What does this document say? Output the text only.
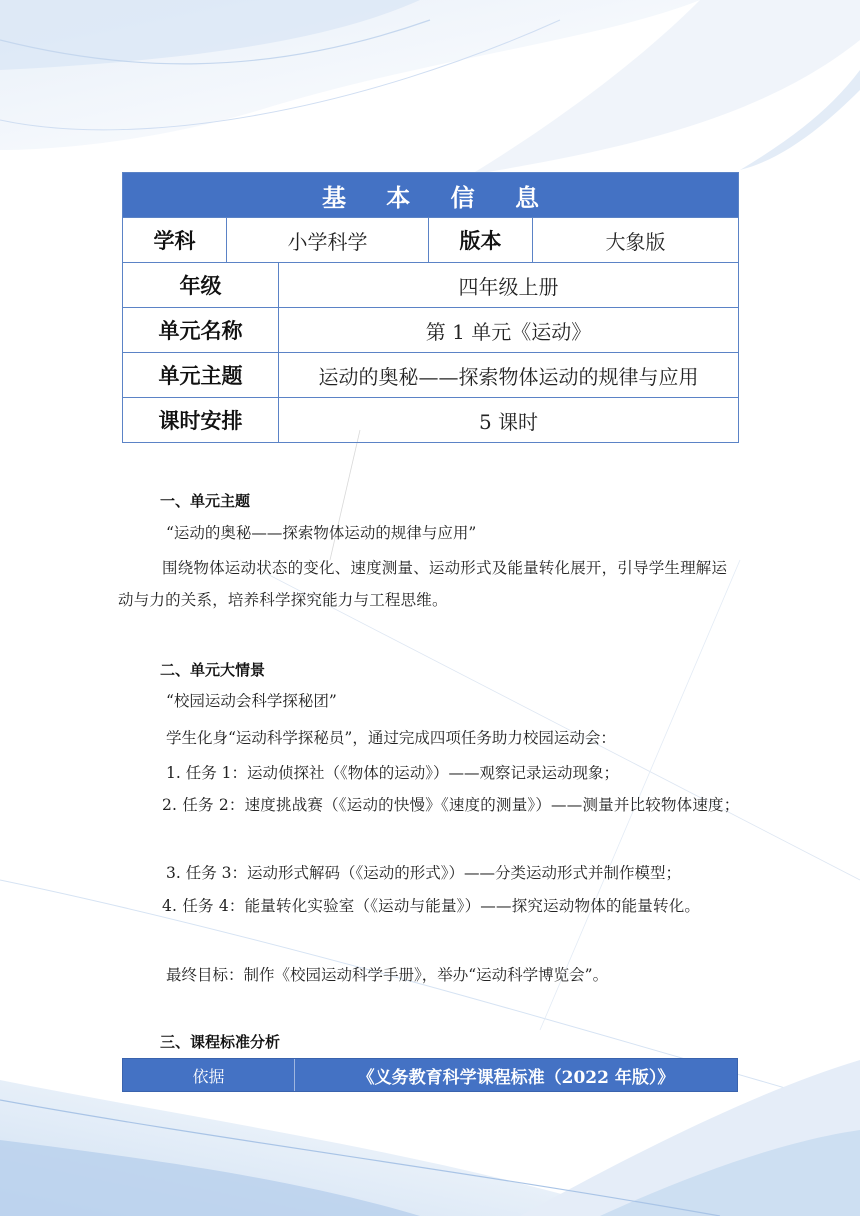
基 本 信 息				
学科	小学科学		版本	大象版
年级		四年级上册		
单元名称		第 1 单元《运动》		
单元主题		运动的奥秘——探索物体运动的规律与应用		
课时安排		5 课时		
一、单元主题

“运动的奥秘——探索物体运动的规律与应用”

围绕物体运动状态的变化、速度测量、运动形式及能量转化展开，引导学生理解运动与力的关系，培养科学探究能力与工程思维。

二、单元大情景

“校园运动会科学探秘团”

学生化身“运动科学探秘员”，通过完成四项任务助力校园运动会：

1. 任务 1：运动侦探社（《物体的运动》）——观察记录运动现象；

2. 任务 2：速度挑战赛（《运动的快慢》《速度的测量》）——测量并比较物体速度；

3. 任务 3：运动形式解码（《运动的形式》）——分类运动形式并制作模型；

4. 任务 4：能量转化实验室（《运动与能量》）——探究运动物体的能量转化。

最终目标：制作《校园运动科学手册》，举办“运动科学博览会”。

三、课程标准分析
依据	《义务教育科学课程标准（2022 年版）》
